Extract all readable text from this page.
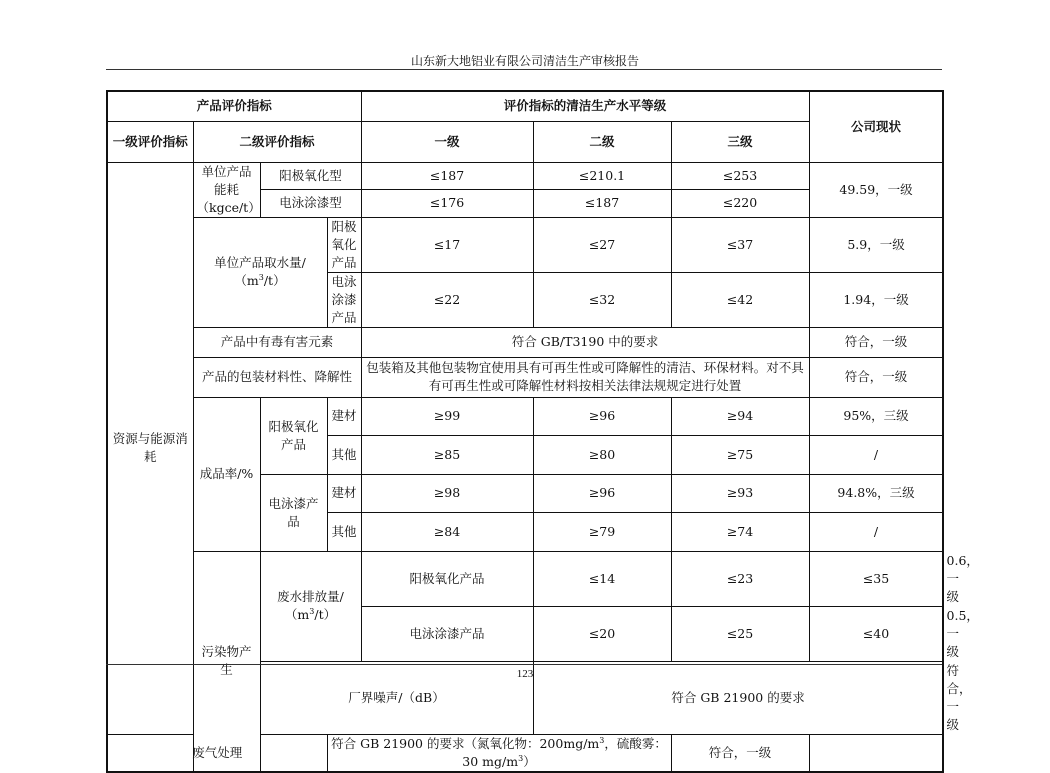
山东新大地铝业有限公司清洁生产审核报告
产品评价指标				评价指标的清洁生产水平等级			公司现状	
一级评价指标	二级评价指标			一级	二级	三级		
资源与能源消耗	单位产品能耗（kgce/t）	阳极氧化型		≤187	≤210.1	≤253	49.59，一级	
		电泳涂漆型		≤176	≤187	≤220		
	单位产品取水量$/(m^3/t)$		阳极氧化产品	≤17	≤27	≤37	5.9，一级	
			电泳涂漆产品	≤22	≤32	≤42	1.94，一级	
	产品中有毒有害元素			符合 GB/T3190 中的要求			符合，一级	
	产品的包装材料性、降解性			包装箱及其他包装物宜使用具有可再生性或可降解性的清洁、环保材料。对不具有可再生性或可降解性材料按相关法律法规规定进行处置			符合，一级	
	成品率/%	阳极氧化产品	建材	≥99	≥96	≥94	95%，三级	
			其他	≥85	≥80	≥75	/	
		电泳漆产品	建材	≥98	≥96	≥93	94.8%，三级	
			其他	≥84	≥79	≥74	/	
	污染物产生	废水排放量$/(m^3/t)$		阳极氧化产品	≤14	≤23	≤35	0.6，一级
				电泳涂漆产品	≤20	≤25	≤40	0.5，一级
		厂界噪声/（dB）			符合 GB 21900 的要求			符合，一级
废气处理			符合 GB 21900 的要求（氮氧化物：$200mg/m^3$，硫酸雾：30 $mg/m^3$）			符合，一级		
123
